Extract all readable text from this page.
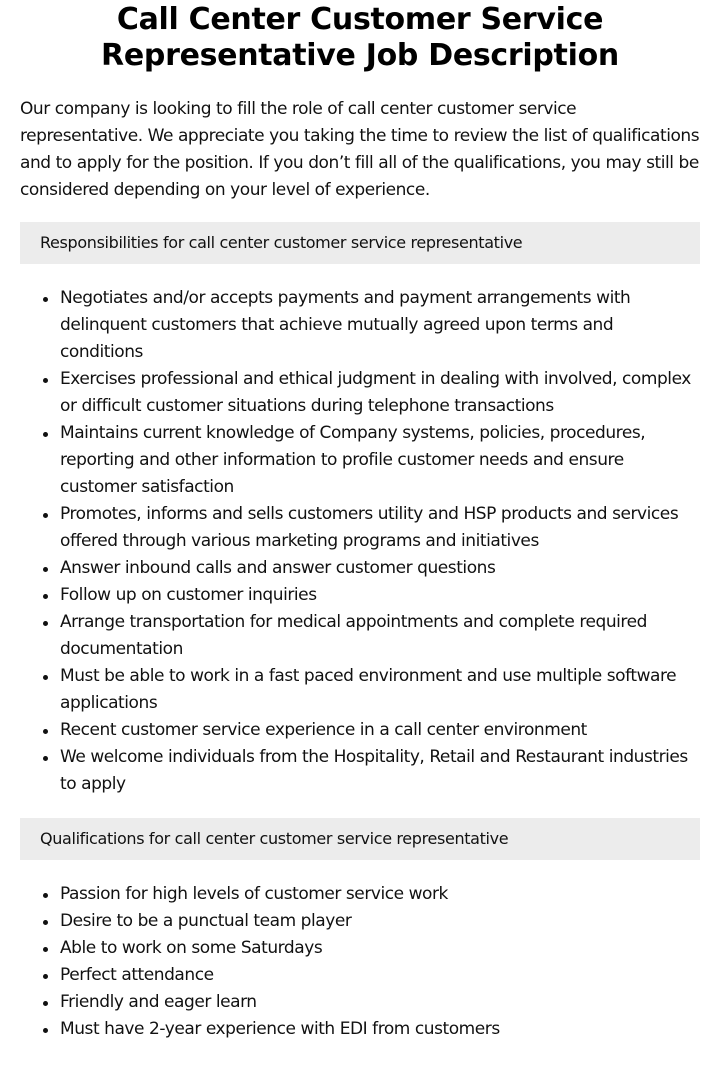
Call Center Customer Service Representative Job Description

Our company is looking to fill the role of call center customer service representative. We appreciate you taking the time to review the list of qualifications and to apply for the position. If you don’t fill all of the qualifications, you may still be considered depending on your level of experience.

Responsibilities for call center customer service representative
Negotiates and/or accepts payments and payment arrangements with delinquent customers that achieve mutually agreed upon terms and conditions
Exercises professional and ethical judgment in dealing with involved, complex or difficult customer situations during telephone transactions
Maintains current knowledge of Company systems, policies, procedures, reporting and other information to profile customer needs and ensure customer satisfaction
Promotes, informs and sells customers utility and HSP products and services offered through various marketing programs and initiatives
Answer inbound calls and answer customer questions
Follow up on customer inquiries
Arrange transportation for medical appointments and complete required documentation
Must be able to work in a fast paced environment and use multiple software applications
Recent customer service experience in a call center environment
We welcome individuals from the Hospitality, Retail and Restaurant industries to apply
Qualifications for call center customer service representative
Passion for high levels of customer service work
Desire to be a punctual team player
Able to work on some Saturdays
Perfect attendance
Friendly and eager learn
Must have 2-year experience with EDI from customers
